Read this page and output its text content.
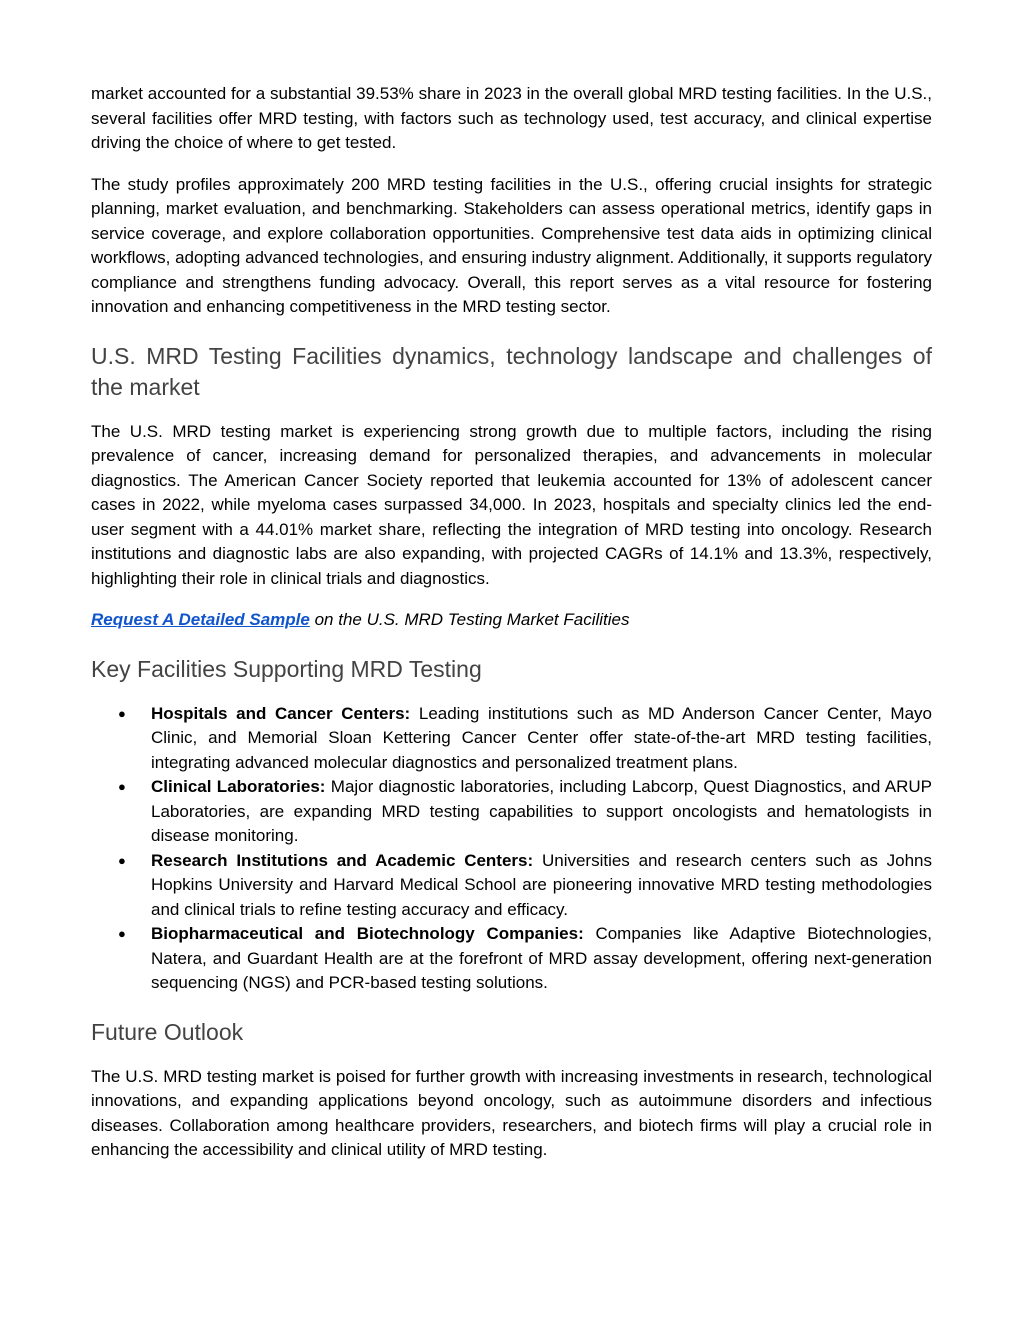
market accounted for a substantial 39.53% share in 2023 in the overall global MRD testing facilities. In the U.S., several facilities offer MRD testing, with factors such as technology used, test accuracy, and clinical expertise driving the choice of where to get tested.

The study profiles approximately 200 MRD testing facilities in the U.S., offering crucial insights for strategic planning, market evaluation, and benchmarking. Stakeholders can assess operational metrics, identify gaps in service coverage, and explore collaboration opportunities. Comprehensive test data aids in optimizing clinical workflows, adopting advanced technologies, and ensuring industry alignment. Additionally, it supports regulatory compliance and strengthens funding advocacy. Overall, this report serves as a vital resource for fostering innovation and enhancing competitiveness in the MRD testing sector.

U.S. MRD Testing Facilities dynamics, technology landscape and challenges of the market

The U.S. MRD testing market is experiencing strong growth due to multiple factors, including the rising prevalence of cancer, increasing demand for personalized therapies, and advancements in molecular diagnostics. The American Cancer Society reported that leukemia accounted for 13% of adolescent cancer cases in 2022, while myeloma cases surpassed 34,000. In 2023, hospitals and specialty clinics led the end-user segment with a 44.01% market share, reflecting the integration of MRD testing into oncology. Research institutions and diagnostic labs are also expanding, with projected CAGRs of 14.1% and 13.3%, respectively, highlighting their role in clinical trials and diagnostics.

Request A Detailed Sample on the U.S. MRD Testing Market Facilities

Key Facilities Supporting MRD Testing
● Hospitals and Cancer Centers: Leading institutions such as MD Anderson Cancer Center, Mayo Clinic, and Memorial Sloan Kettering Cancer Center offer state-of-the-art MRD testing facilities, integrating advanced molecular diagnostics and personalized treatment plans.
● Clinical Laboratories: Major diagnostic laboratories, including Labcorp, Quest Diagnostics, and ARUP Laboratories, are expanding MRD testing capabilities to support oncologists and hematologists in disease monitoring.
● Research Institutions and Academic Centers: Universities and research centers such as Johns Hopkins University and Harvard Medical School are pioneering innovative MRD testing methodologies and clinical trials to refine testing accuracy and efficacy.
● Biopharmaceutical and Biotechnology Companies: Companies like Adaptive Biotechnologies, Natera, and Guardant Health are at the forefront of MRD assay development, offering next-generation sequencing (NGS) and PCR-based testing solutions.
Future Outlook

The U.S. MRD testing market is poised for further growth with increasing investments in research, technological innovations, and expanding applications beyond oncology, such as autoimmune disorders and infectious diseases. Collaboration among healthcare providers, researchers, and biotech firms will play a crucial role in enhancing the accessibility and clinical utility of MRD testing.
